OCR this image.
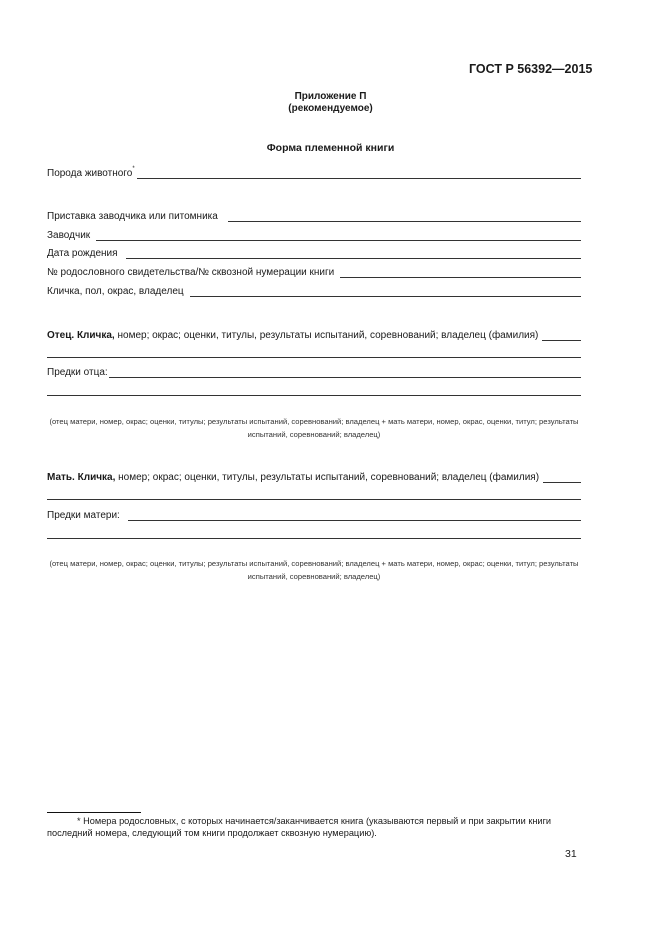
ГОСТ Р 56392—2015
Приложение П
(рекомендуемое)
Форма племенной книги
Порода животного*
Приставка заводчика или питомника
Заводчик
Дата рождения
№ родословного свидетельства/№ сквозной нумерации книги
Кличка, пол, окрас, владелец
Отец. Кличка, номер; окрас; оценки, титулы, результаты испытаний, соревнований; владелец (фамилия)
Предки отца:
(отец матери, номер, окрас; оценки, титулы; результаты испытаний, соревнований; владелец + мать матери, номер, окрас, оценки, титул; результаты испытаний, соревнований; владелец)
Мать. Кличка, номер; окрас; оценки, титулы, результаты испытаний, соревнований; владелец (фамилия)
Предки матери:
(отец матери, номер, окрас; оценки, титулы; результаты испытаний, соревнований; владелец + мать матери, номер, окрас; оценки, титул; результаты испытаний, соревнований; владелец)
* Номера родословных, с которых начинается/заканчивается книга (указываются первый и при закрытии книги последний номера, следующий том книги продолжает сквозную нумерацию).
31
